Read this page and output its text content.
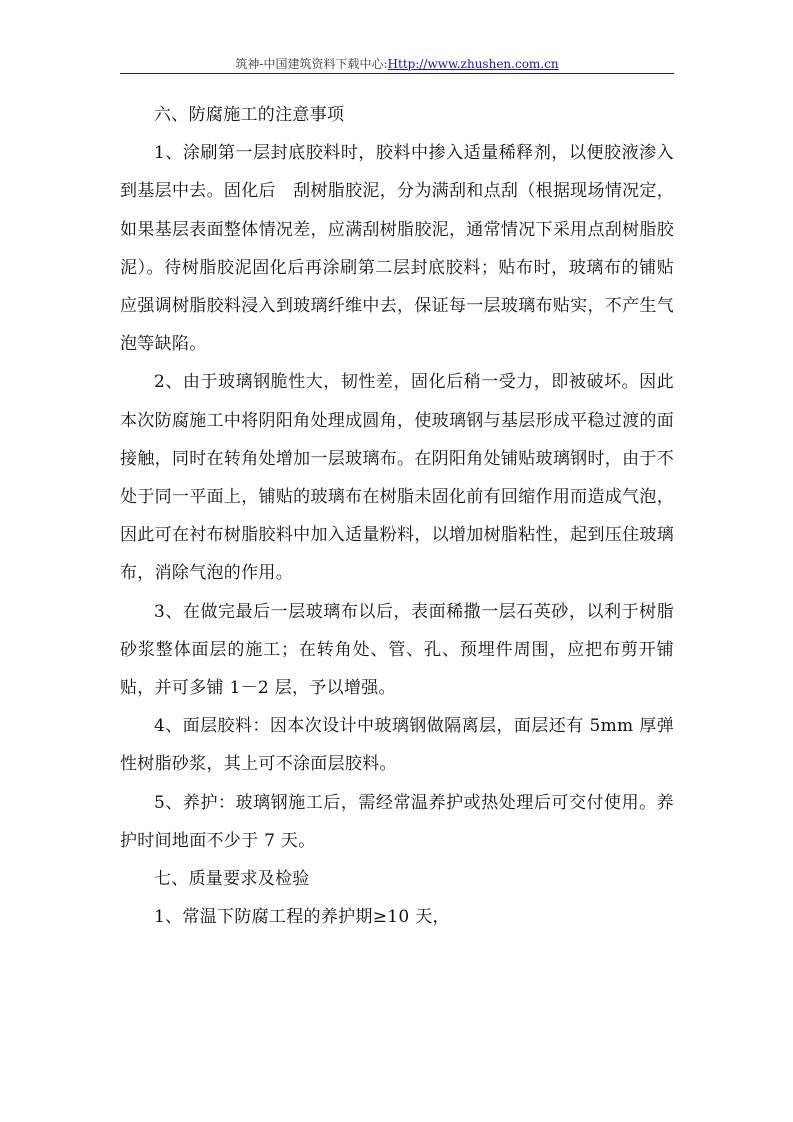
筑神-中国建筑资料下载中心:Http://www.zhushen.com.cn

六、防腐施工的注意事项

1、涂刷第一层封底胶料时，胶料中掺入适量稀释剂，以便胶液渗入到基层中去。固化后　刮树脂胶泥，分为满刮和点刮（根据现场情况定，如果基层表面整体情况差，应满刮树脂胶泥，通常情况下采用点刮树脂胶泥）。待树脂胶泥固化后再涂刷第二层封底胶料；贴布时，玻璃布的铺贴应强调树脂胶料浸入到玻璃纤维中去，保证每一层玻璃布贴实，不产生气泡等缺陷。

2、由于玻璃钢脆性大，韧性差，固化后稍一受力，即被破坏。因此本次防腐施工中将阴阳角处理成圆角，使玻璃钢与基层形成平稳过渡的面接触，同时在转角处增加一层玻璃布。在阴阳角处铺贴玻璃钢时，由于不处于同一平面上，铺贴的玻璃布在树脂未固化前有回缩作用而造成气泡，因此可在衬布树脂胶料中加入适量粉料，以增加树脂粘性，起到压住玻璃布，消除气泡的作用。

3、在做完最后一层玻璃布以后，表面稀撒一层石英砂，以利于树脂砂浆整体面层的施工；在转角处、管、孔、预埋件周围，应把布剪开铺贴，并可多铺 1－2 层，予以增强。

4、面层胶料：因本次设计中玻璃钢做隔离层，面层还有 5mm 厚弹性树脂砂浆，其上可不涂面层胶料。

5、养护：玻璃钢施工后，需经常温养护或热处理后可交付使用。养护时间地面不少于 7 天。

七、质量要求及检验

1、常温下防腐工程的养护期≥10 天，
